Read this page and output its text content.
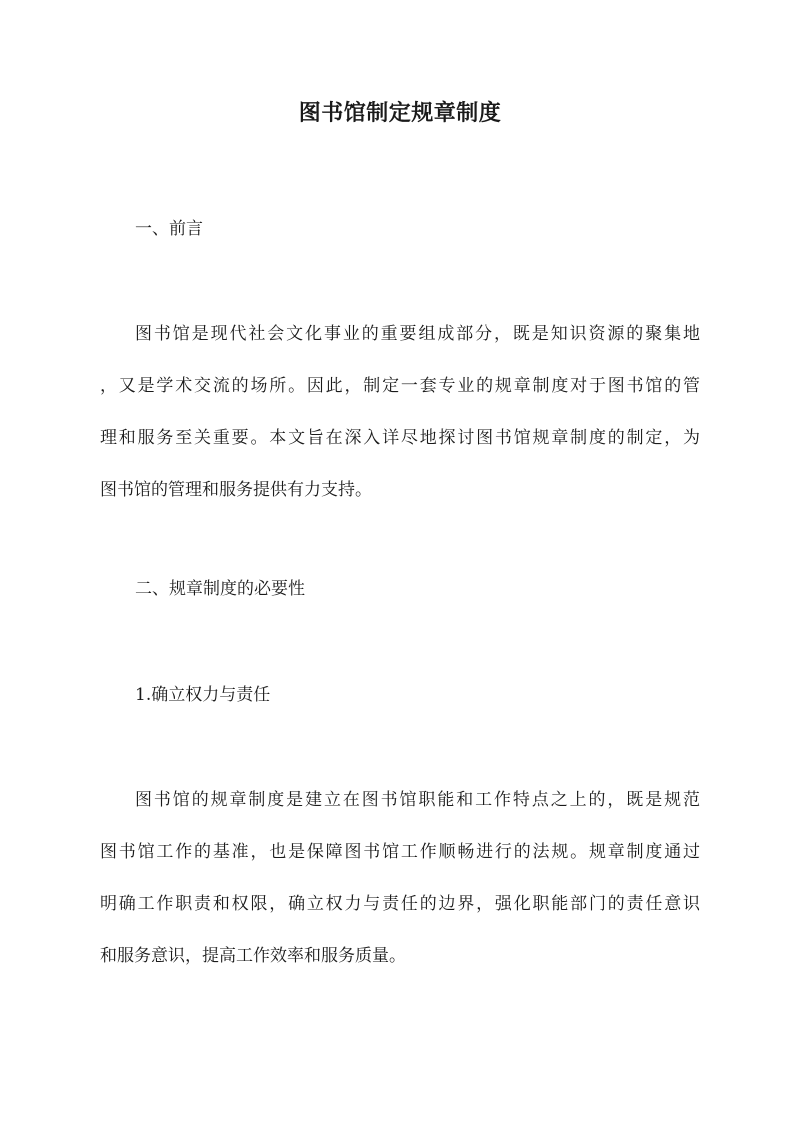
图书馆制定规章制度
一、前言
图书馆是现代社会文化事业的重要组成部分，既是知识资源的聚集地
，又是学术交流的场所。因此，制定一套专业的规章制度对于图书馆的管
理和服务至关重要。本文旨在深入详尽地探讨图书馆规章制度的制定，为
图书馆的管理和服务提供有力支持。
二、规章制度的必要性
1.确立权力与责任
图书馆的规章制度是建立在图书馆职能和工作特点之上的，既是规范
图书馆工作的基准，也是保障图书馆工作顺畅进行的法规。规章制度通过
明确工作职责和权限，确立权力与责任的边界，强化职能部门的责任意识
和服务意识，提高工作效率和服务质量。
